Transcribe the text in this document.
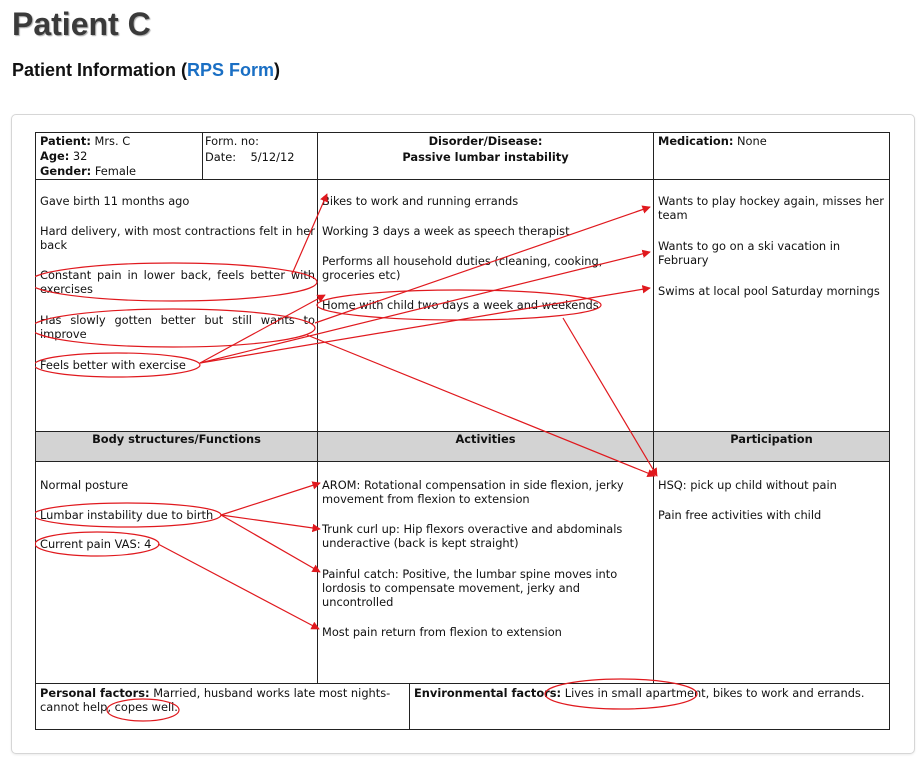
Patient C
Patient Information (RPS Form)
Patient: Mrs. C
Age: 32
Gender: Female
Form. no:
Date:    5/12/12
Disorder/Disease:
Passive lumbar instability
Medication: None
Gave birth 11 months ago
Hard delivery, with most contractions felt in her back
Constant pain in lower back, feels better with exercises
Has slowly gotten better but still wants to improve
Feels better with exercise
Bikes to work and running errands
Working 3 days a week as speech therapist
Performs all household duties (cleaning, cooking, groceries etc)
Home with child two days a week and weekends
Wants to play hockey again, misses her team
Wants to go on a ski vacation in February
Swims at local pool Saturday mornings
Body structures/Functions	Activities	Participation
Normal posture
Lumbar instability due to birth
Current pain VAS: 4
AROM: Rotational compensation in side flexion, jerky movement from flexion to extension
Trunk curl up: Hip flexors overactive and abdominals underactive (back is kept straight)
Painful catch: Positive, the lumbar spine moves into lordosis to compensate movement, jerky and uncontrolled
Most pain return from flexion to extension
HSQ: pick up child without pain
Pain free activities with child
Personal factors: Married, husband works late most nights- cannot help, copes well.
Environmental factors: Lives in small apartment, bikes to work and errands.
